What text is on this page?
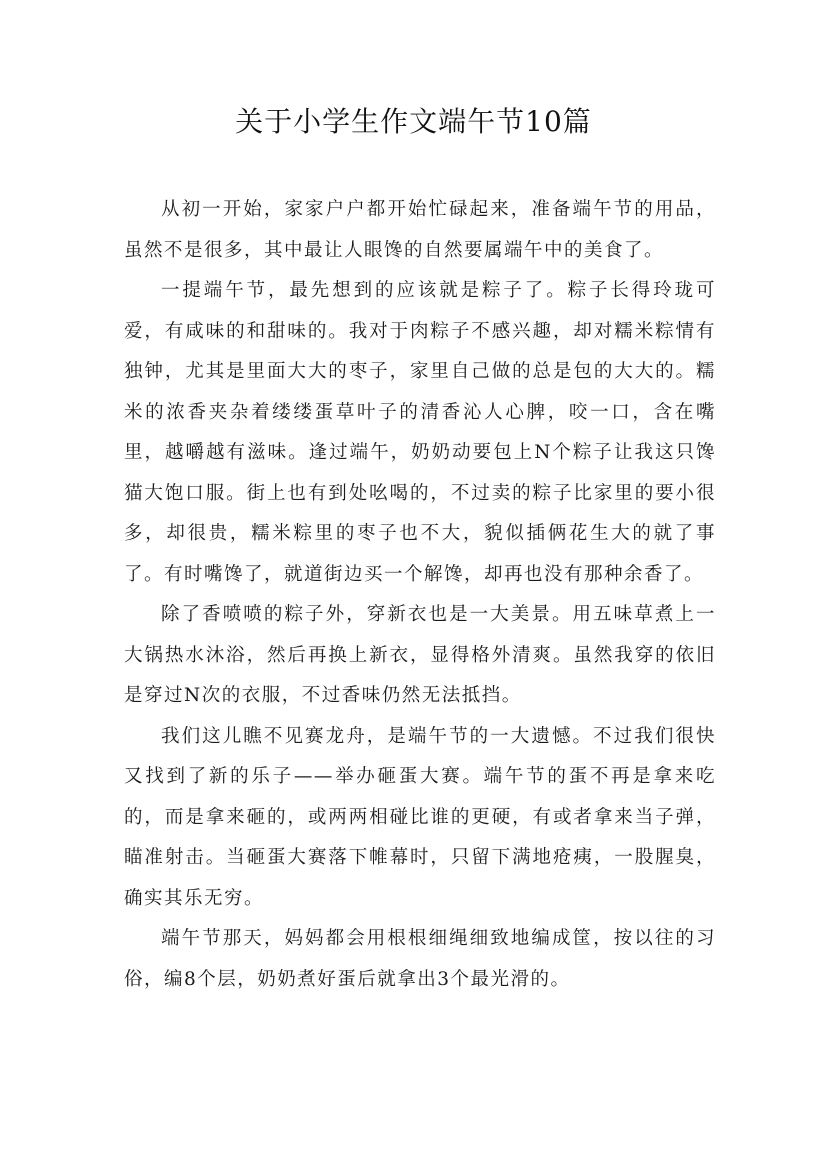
关于小学生作文端午节10篇

从初一开始，家家户户都开始忙碌起来，准备端午节的用品，虽然不是很多，其中最让人眼馋的自然要属端午中的美食了。

一提端午节，最先想到的应该就是粽子了。粽子长得玲珑可爱，有咸味的和甜味的。我对于肉粽子不感兴趣，却对糯米粽情有独钟，尤其是里面大大的枣子，家里自己做的总是包的大大的。糯米的浓香夹杂着缕缕蛋草叶子的清香沁人心脾，咬一口，含在嘴里，越嚼越有滋味。逢过端午，奶奶动要包上N个粽子让我这只馋猫大饱口服。街上也有到处吆喝的，不过卖的粽子比家里的要小很多，却很贵，糯米粽里的枣子也不大，貌似插俩花生大的就了事了。有时嘴馋了，就道街边买一个解馋，却再也没有那种余香了。

除了香喷喷的粽子外，穿新衣也是一大美景。用五味草煮上一大锅热水沐浴，然后再换上新衣，显得格外清爽。虽然我穿的依旧是穿过N次的衣服，不过香味仍然无法抵挡。

我们这儿瞧不见赛龙舟，是端午节的一大遗憾。不过我们很快又找到了新的乐子——举办砸蛋大赛。端午节的蛋不再是拿来吃的，而是拿来砸的，或两两相碰比谁的更硬，有或者拿来当子弹，瞄准射击。当砸蛋大赛落下帷幕时，只留下满地疮痍，一股腥臭，确实其乐无穷。

端午节那天，妈妈都会用根根细绳细致地编成筐，按以往的习俗，编8个层，奶奶煮好蛋后就拿出3个最光滑的。
